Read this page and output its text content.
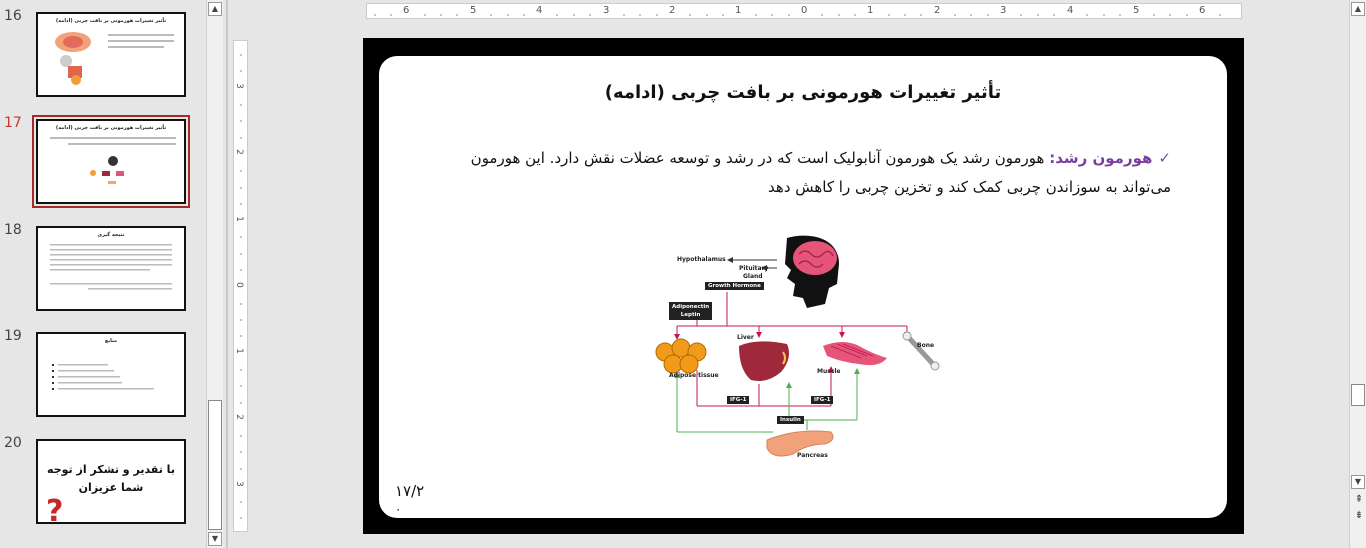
16	تأثیر تغییرات هورمونی بر بافت چربی (ادامه)
17	تأثیر تغییرات هورمونی بر بافت چربی (ادامه)
18	نتیجه گیری
19	منابع
20
با تقدیر و تشکر از توجه
شما عزیزان
?
▲
▼
6	5	4	3	2	1	0	1	2	3	4	5	6
3
2
1
0
1
2
3
تأثیر تغییرات هورمونی بر بافت چربی (ادامه)
✓هورمون رشد: هورمون رشد یک هورمون آنابولیک است که در رشد و توسعه عضلات نقش دارد. این هورمون می‌تواند به سوزاندن چربی کمک کند و تخزین چربی را کاهش دهد
Hypothalamus
Pituitary
Gland
Growth Hormone
Adiponectin
Leptin
Liver
Bone
Adipose tissue
Muscle
IFG-1	IFG-1
Insulin
Pancreas
۱۷/۲
۰
▲
▼
⇞
⇟
